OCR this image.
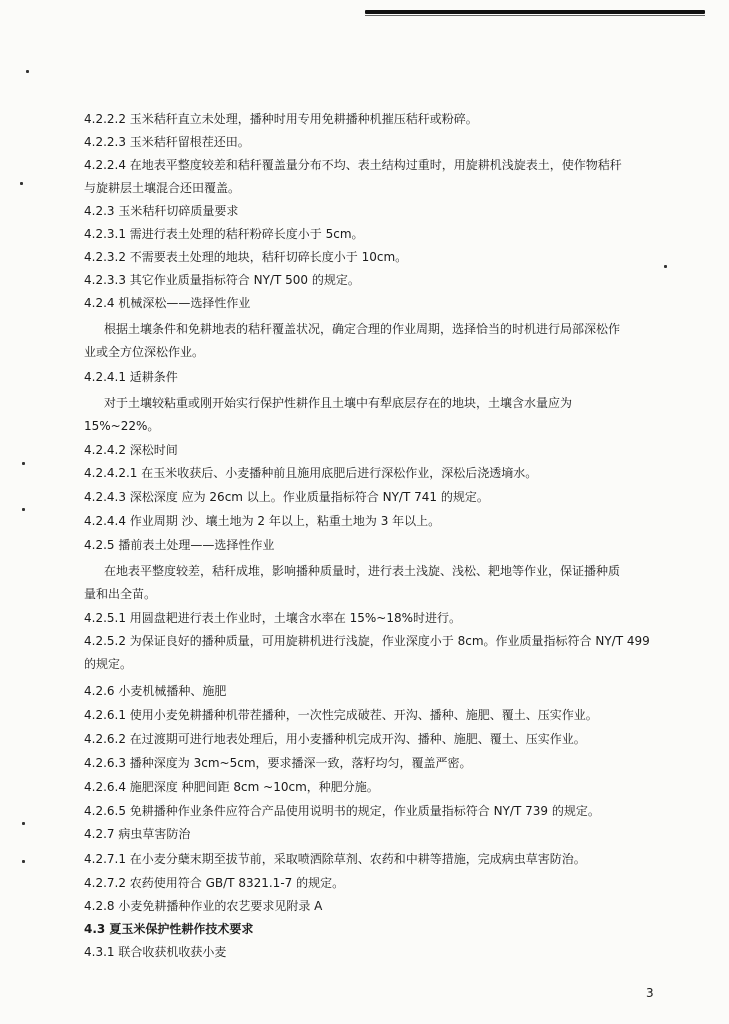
4.2.2.2 玉米秸秆直立未处理，播种时用专用免耕播种机摧压秸秆或粉碎。
4.2.2.3 玉米秸秆留根茬还田。
4.2.2.4 在地表平整度较差和秸秆覆盖量分布不均、表土结构过重时，用旋耕机浅旋表土，使作物秸秆
与旋耕层土壤混合还田覆盖。
4.2.3 玉米秸秆切碎质量要求
4.2.3.1 需进行表土处理的秸秆粉碎长度小于 5cm。
4.2.3.2 不需要表土处理的地块，秸秆切碎长度小于 10cm。
4.2.3.3 其它作业质量指标符合 NY/T 500 的规定。
4.2.4 机械深松——选择性作业
根据土壤条件和免耕地表的秸秆覆盖状况，确定合理的作业周期，选择恰当的时机进行局部深松作
业或全方位深松作业。
4.2.4.1 适耕条件
对于土壤较粘重或刚开始实行保护性耕作且土壤中有犁底层存在的地块，土壤含水量应为
15%~22%。
4.2.4.2 深松时间
4.2.4.2.1 在玉米收获后、小麦播种前且施用底肥后进行深松作业，深松后浇透墒水。
4.2.4.3 深松深度 应为 26cm 以上。作业质量指标符合 NY/T 741 的规定。
4.2.4.4 作业周期 沙、壤土地为 2 年以上，粘重土地为 3 年以上。
4.2.5 播前表土处理——选择性作业
在地表平整度较差，秸秆成堆，影响播种质量时，进行表土浅旋、浅松、耙地等作业，保证播种质
量和出全苗。
4.2.5.1 用圆盘耙进行表土作业时，土壤含水率在 15%~18%时进行。
4.2.5.2 为保证良好的播种质量，可用旋耕机进行浅旋，作业深度小于 8cm。作业质量指标符合 NY/T 499
的规定。
4.2.6 小麦机械播种、施肥
4.2.6.1 使用小麦免耕播种机带茬播种，一次性完成破茬、开沟、播种、施肥、覆土、压实作业。
4.2.6.2 在过渡期可进行地表处理后，用小麦播种机完成开沟、播种、施肥、覆土、压实作业。
4.2.6.3 播种深度为 3cm~5cm，要求播深一致，落籽均匀，覆盖严密。
4.2.6.4 施肥深度 种肥间距 8cm ~10cm，种肥分施。
4.2.6.5 免耕播种作业条件应符合产品使用说明书的规定，作业质量指标符合 NY/T 739 的规定。
4.2.7 病虫草害防治
4.2.7.1 在小麦分蘖末期至拔节前，采取喷洒除草剂、农药和中耕等措施，完成病虫草害防治。
4.2.7.2 农药使用符合 GB/T 8321.1-7 的规定。
4.2.8 小麦免耕播种作业的农艺要求见附录 A
4.3 夏玉米保护性耕作技术要求
4.3.1 联合收获机收获小麦
3
